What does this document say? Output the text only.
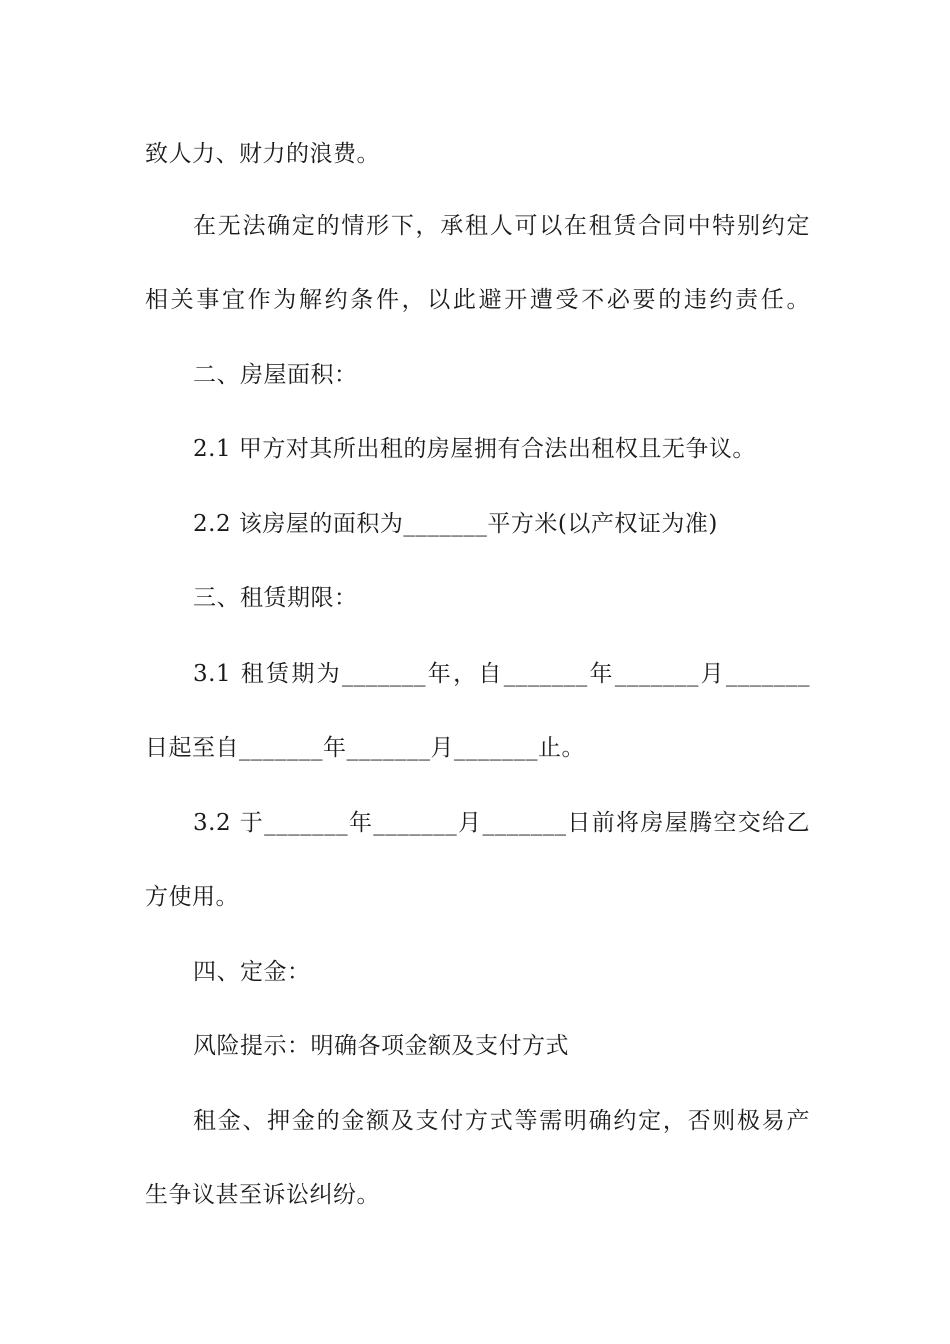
致人力、财力的浪费。
在无法确定的情形下，承租人可以在租赁合同中特别约定
相关事宜作为解约条件，以此避开遭受不必要的违约责任。
二、房屋面积：
2.1 甲方对其所出租的房屋拥有合法出租权且无争议。
2.2 该房屋的面积为_______平方米(以产权证为准)
三、租赁期限：
3.1 租赁期为_______年，自_______年_______月_______
日起至自_______年_______月_______止。
3.2 于_______年_______月_______日前将房屋腾空交给乙
方使用。
四、定金：
风险提示：明确各项金额及支付方式
租金、押金的金额及支付方式等需明确约定，否则极易产
生争议甚至诉讼纠纷。
